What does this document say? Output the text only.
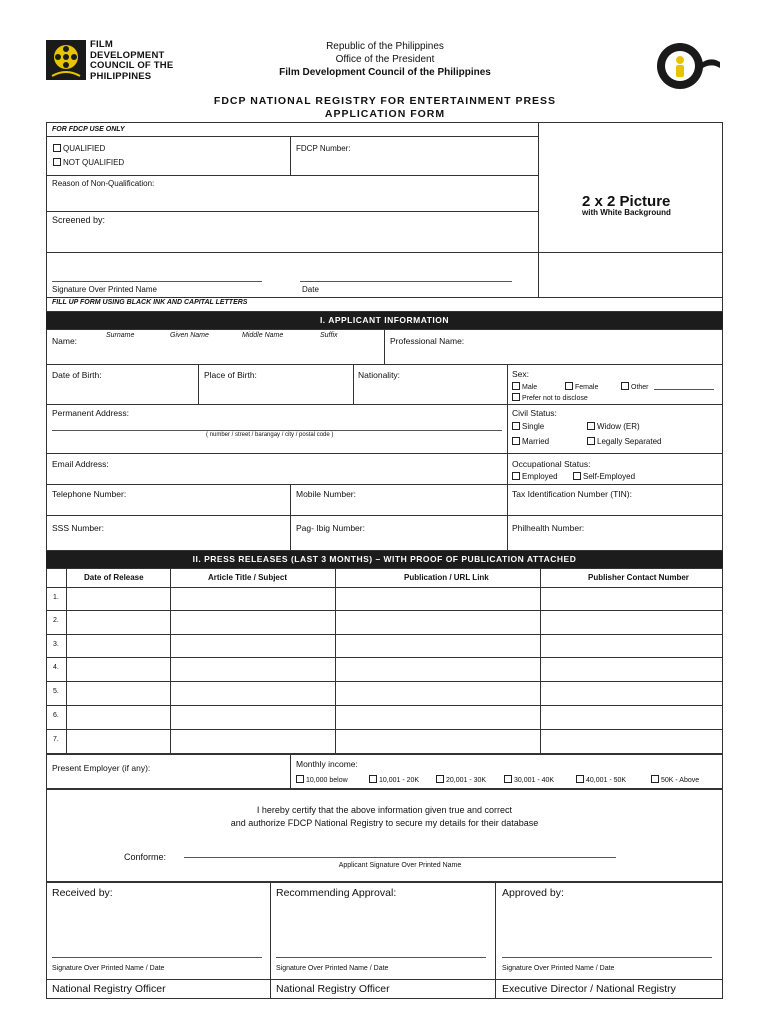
FILM
DEVELOPMENT
COUNCIL OF THE
PHILIPPINES
Republic of the Philippines
Office of the President
Film Development Council of the Philippines
FDCP NATIONAL REGISTRY FOR ENTERTAINMENT PRESS
APPLICATION FORM
FOR FDCP USE ONLY
QUALIFIED
NOT QUALIFIED
FDCP Number:
Reason of Non-Qualification:
Screened by:
Signature Over Printed Name	Date
2 x 2 Picture
with White Background
FILL UP FORM USING BLACK INK AND CAPITAL LETTERS
I. APPLICANT INFORMATION
Name:
Surname	Given Name	Middle Name	Suffix
Professional Name:
Date of Birth:	Place of Birth:	Nationality:	Sex:
Male	Female	Other
Prefer not to disclose
Permanent Address:
( number / street / barangay / city / postal code )
Civil Status:
Single	Widow (ER)
Married	Legally Separated
Email Address:	Occupational Status:
Employed	Self-Employed
Telephone Number:	Mobile Number:	Tax Identification Number (TIN):
SSS Number:	Pag- Ibig Number:	Philhealth Number:
II. PRESS RELEASES (LAST 3 MONTHS) – WITH PROOF OF PUBLICATION ATTACHED
Date of Release	Article Title / Subject	Publication / URL Link	Publisher Contact Number
1.
2.
3.
4.
5.
6.
7.
Present Employer (if any):	Monthly income:
10,000 below	10,001 - 20K	20,001 - 30K	30,001 - 40K	40,001 - 50K	50K - Above
I hereby certify that the above information given true and correct
and authorize FDCP National Registry to secure my details for their database
Conforme:
Applicant Signature Over Printed Name
Received by:	Recommending Approval:	Approved by:
Signature Over Printed Name / Date	Signature Over Printed Name / Date	Signature Over Printed Name / Date
National Registry Officer	National Registry Officer	Executive Director / National Registry
